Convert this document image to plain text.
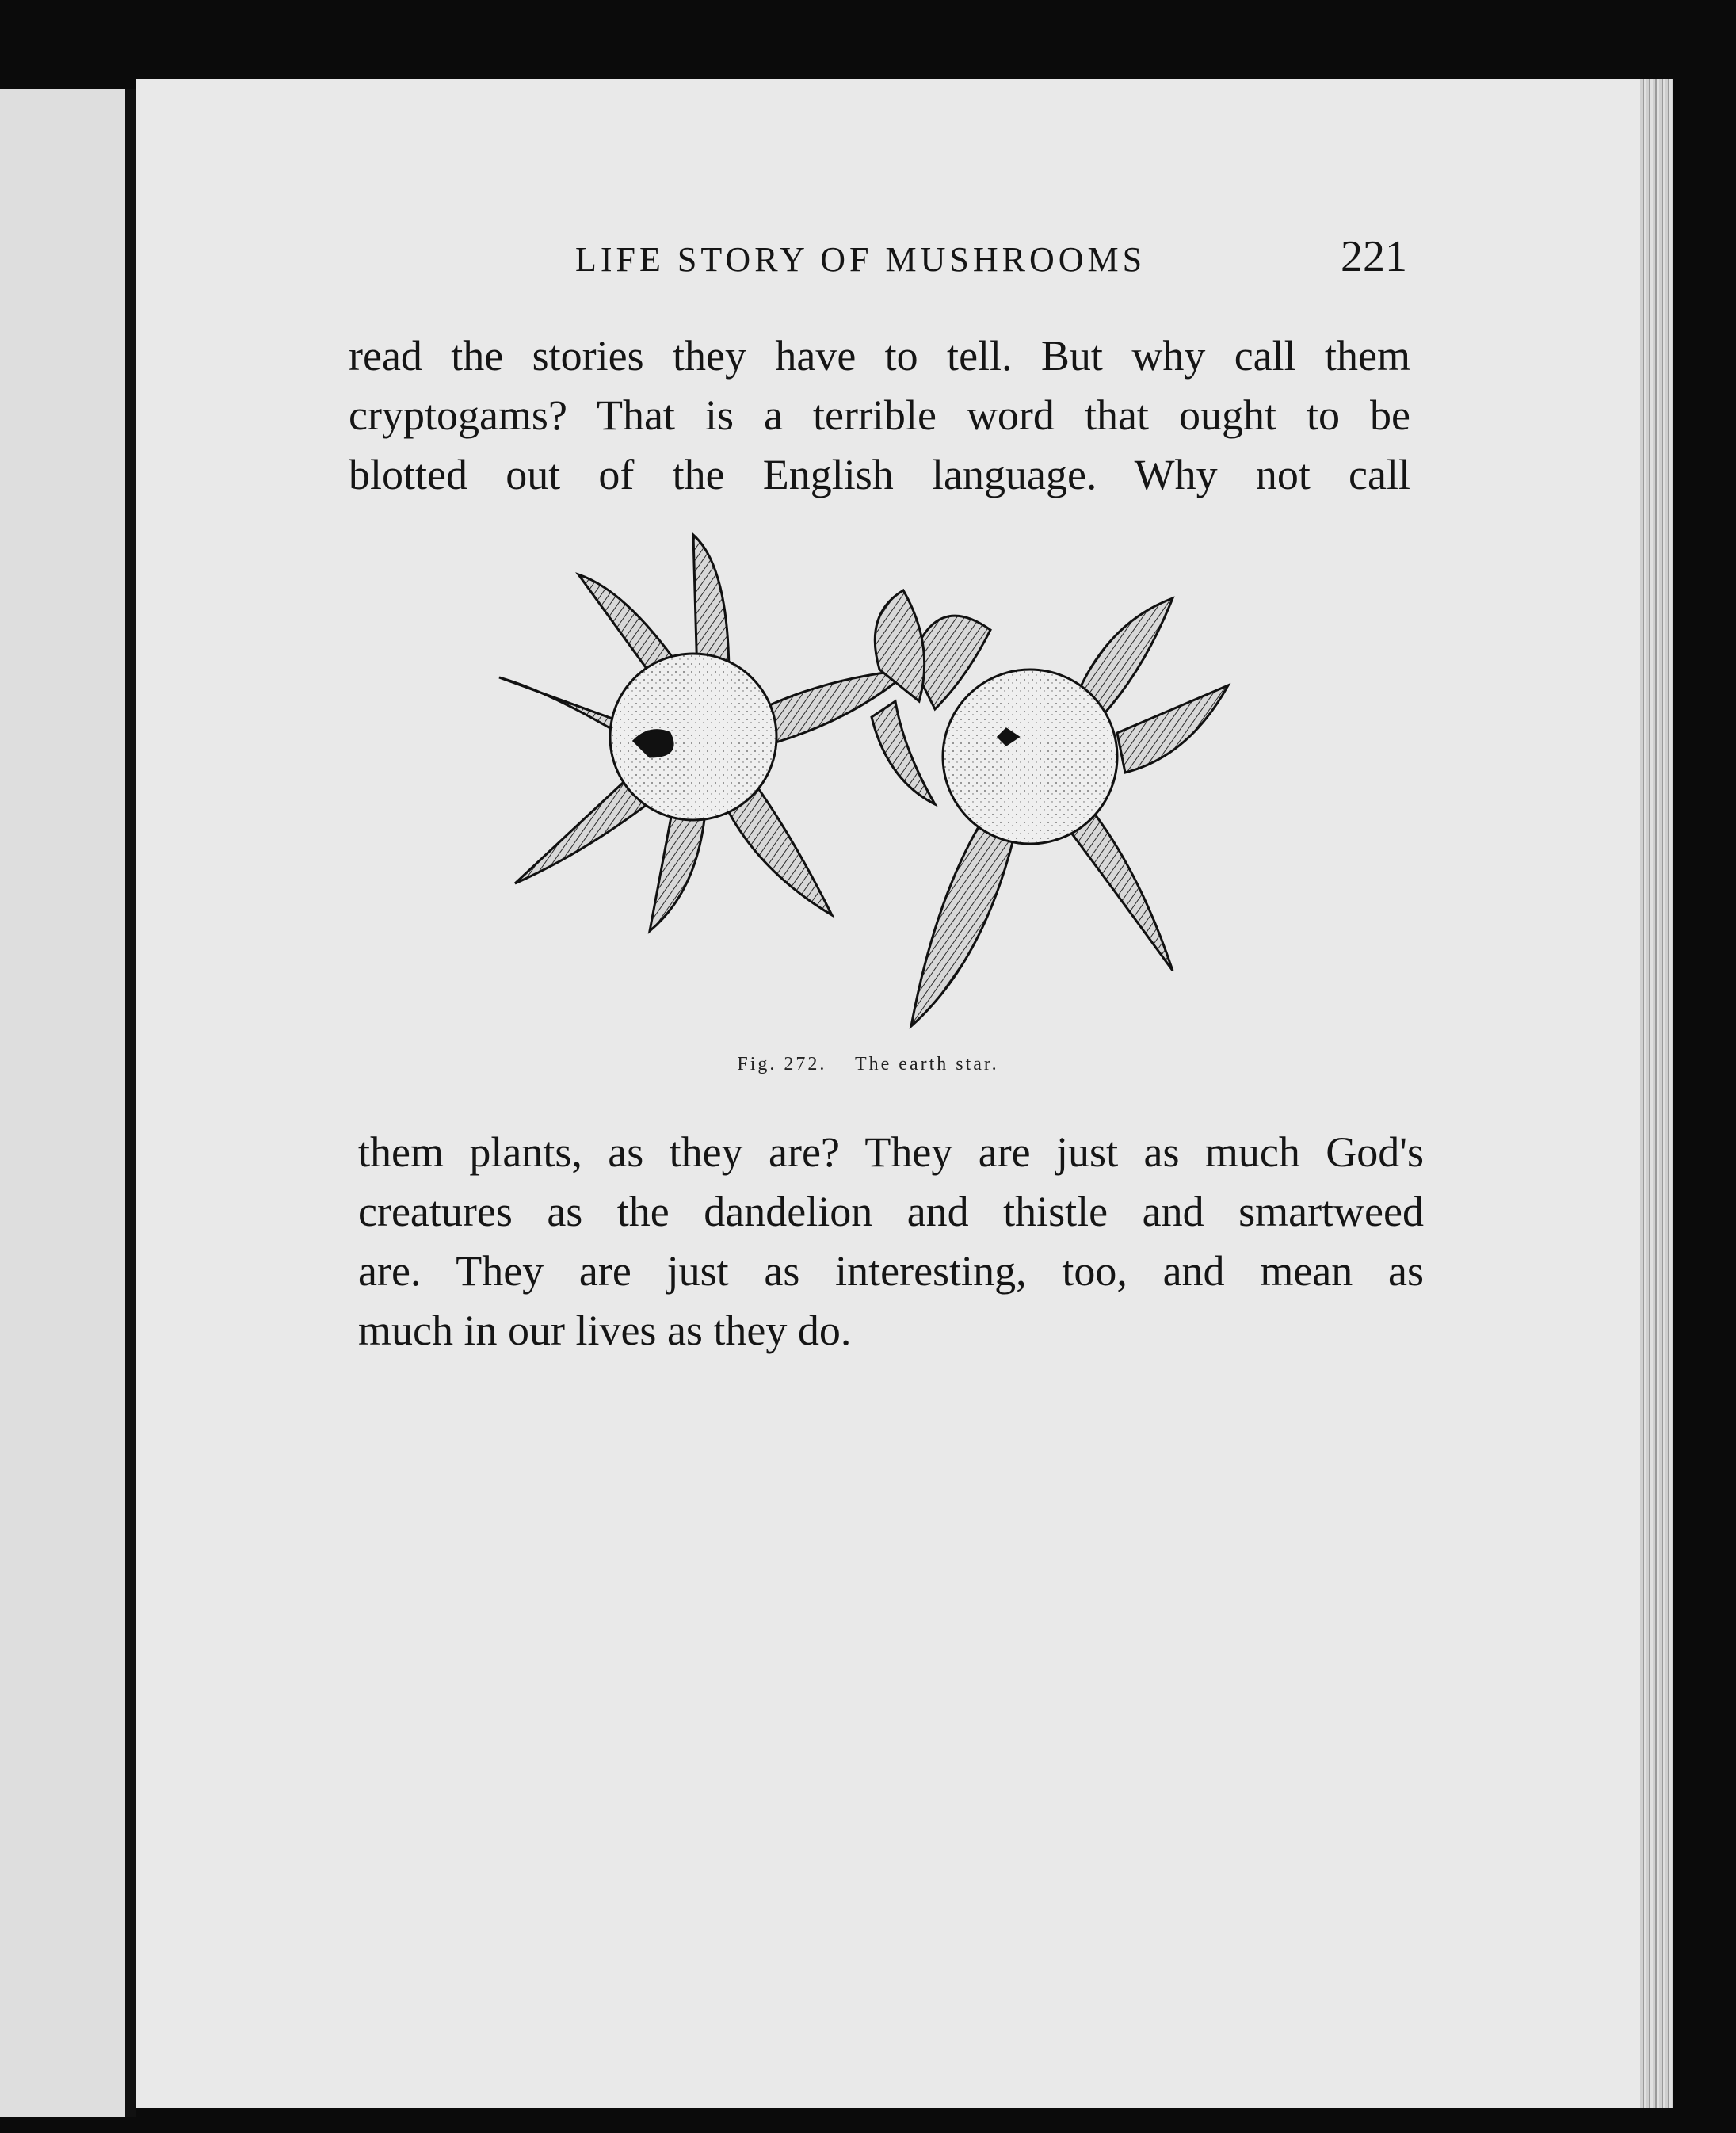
LIFE STORY OF MUSHROOMS	221

read the stories they have to tell. But why call them
cryptogams? That is a terrible word that ought to be
blotted out of the English language. Why not call

Fig. 272. The earth star.

them plants, as they are? They are just as much God's
creatures as the dandelion and thistle and smartweed
are. They are just as interesting, too, and mean as
much in our lives as they do.
